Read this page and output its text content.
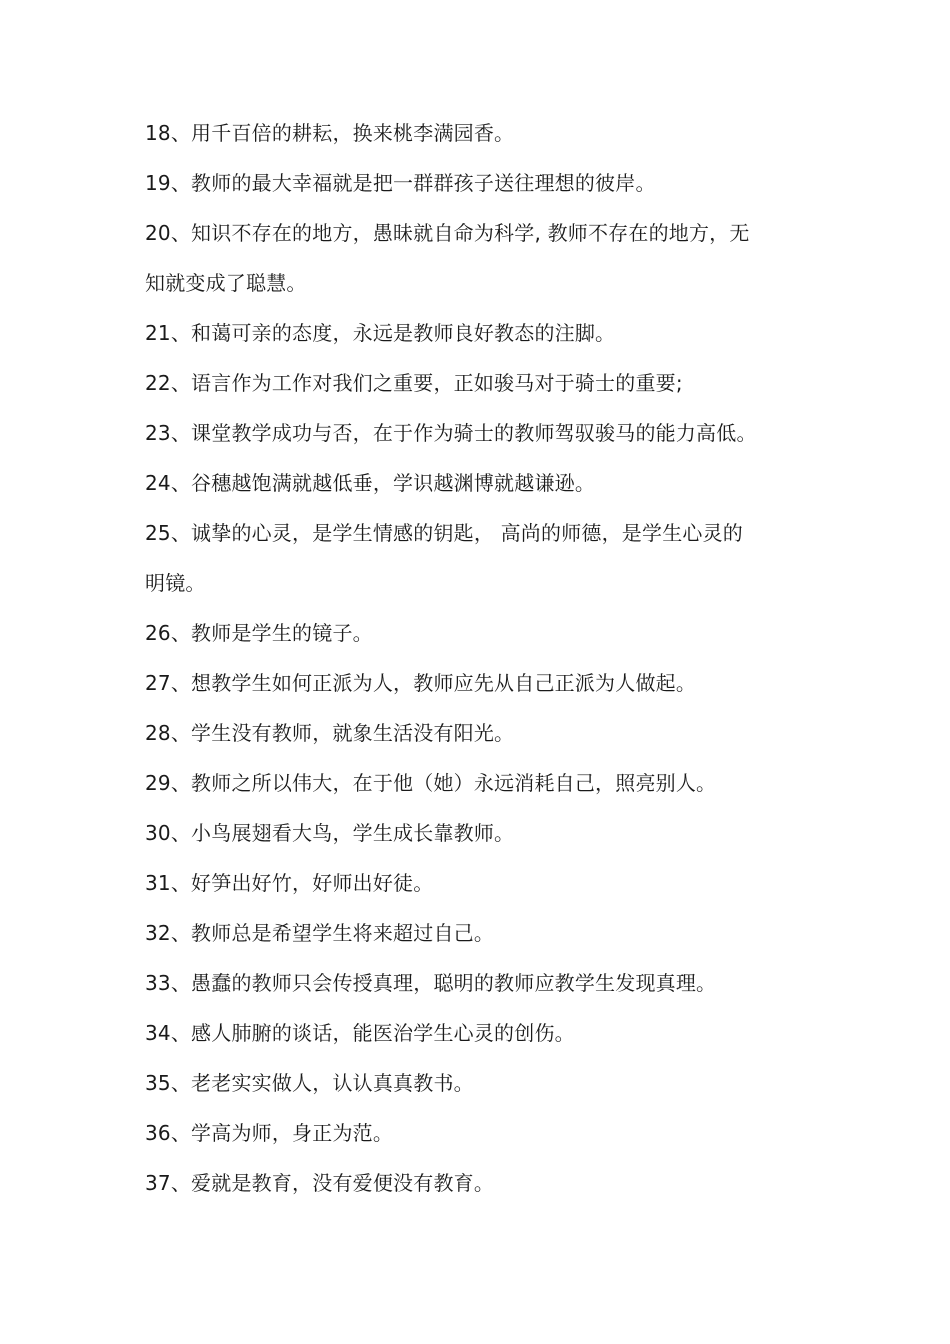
18、用千百倍的耕耘，换来桃李满园香。
19、教师的最大幸福就是把一群群孩子送往理想的彼岸。
20、知识不存在的地方，愚昧就自命为科学, 教师不存在的地方，无
知就变成了聪慧。
21、和蔼可亲的态度，永远是教师良好教态的注脚。
22、语言作为工作对我们之重要，正如骏马对于骑士的重要;
23、课堂教学成功与否，在于作为骑士的教师驾驭骏马的能力高低。
24、谷穗越饱满就越低垂，学识越渊博就越谦逊。
25、诚挚的心灵，是学生情感的钥匙， 高尚的师德，是学生心灵的
明镜。
26、教师是学生的镜子。
27、想教学生如何正派为人，教师应先从自己正派为人做起。
28、学生没有教师，就象生活没有阳光。
29、教师之所以伟大，在于他（她）永远消耗自己，照亮别人。
30、小鸟展翅看大鸟，学生成长靠教师。
31、好笋出好竹，好师出好徒。
32、教师总是希望学生将来超过自己。
33、愚蠢的教师只会传授真理，聪明的教师应教学生发现真理。
34、感人肺腑的谈话，能医治学生心灵的创伤。
35、老老实实做人，认认真真教书。
36、学高为师，身正为范。
37、爱就是教育，没有爱便没有教育。
